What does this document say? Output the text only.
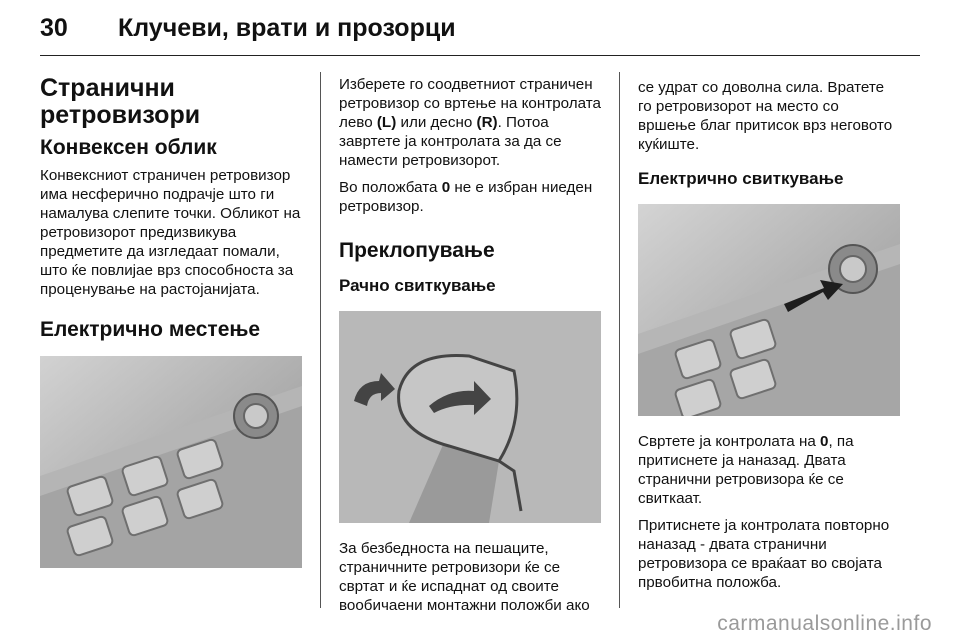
30 Клучеви, врати и прозорци
Странични ретровизори
Конвексен облик

Конвексниот страничен ретровизор има несферично подрачје што ги намалува слепите точки. Обликот на ретровизорот предизвикува предметите да изгледаат помали, што ќе повлијае врз способноста за проценување на растојанијата.

Електрично местење

Изберете го соодветниот страничен ретровизор со вртење на контролата лево (L) или десно (R). Потоа завртете ја контролата за да се намести ретровизорот.

Во положбата 0 не е избран ниеден ретровизор.

Преклопување
Рачно свиткување

За безбедноста на пешаците, страничните ретровизори ќе се свртат и ќе испаднат од своите вообичаени монтажни положби ако

се удрат со доволна сила. Вратете го ретровизорот на место со вршење благ притисок врз неговото куќиште.

Електрично свиткување

Свртете ја контролата на 0, па притиснете ја наназад. Двата странични ретровизора ќе се свиткаат.

Притиснете ја контролата повторно наназад - двата странични ретровизора се враќаат во својата првобитна положба.

carmanualsonline.info
